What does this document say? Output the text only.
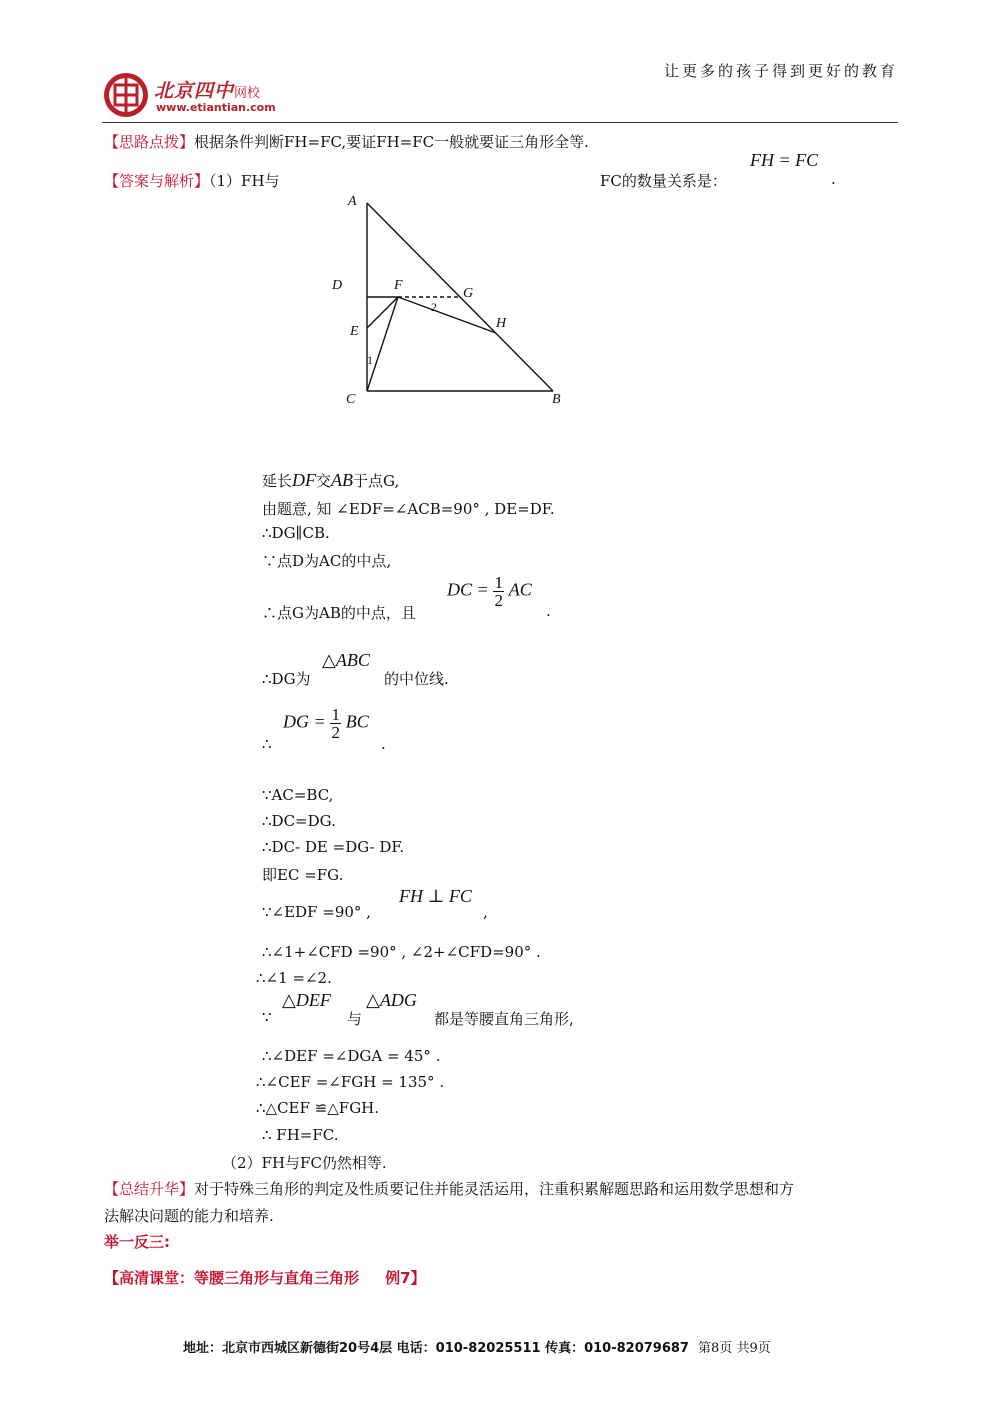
北京四中网校
www.etiantian.com
让更多的孩子得到更好的教育
【思路点拨】根据条件判断FH=FC,要证FH=FC一般就要证三角形全等.
【答案与解析】（1）FH与	FC的数量关系是：
FH = FC
.
A
D	F
G
H
E
C	B
1
2
延长DF交AB于点G,
由题意, 知 ∠EDF=∠ACB=90° , DE=DF.
∴DG∥CB.
∵点D为AC的中点,
∴点G为AB的中点，且
DC = $\frac{1}{2}$ AC
.
∴DG为
△ABC
的中位线.
∴
DG = $\frac{1}{2}$ BC
.
∵AC=BC,
∴DC=DG.
∴DC- DE =DG- DF.
即EC =FG.
∵∠EDF =90° ,
FH ⊥ FC
,
∴∠1+∠CFD =90° , ∠2+∠CFD=90° .
∴∠1 =∠2.
∵
△DEF
与
△ADG
都是等腰直角三角形,
∴∠DEF =∠DGA = 45° .
∴∠CEF =∠FGH = 135° .
∴△CEF ≌△FGH.
∴ FH=FC.
（2）FH与FC仍然相等.
【总结升华】对于特殊三角形的判定及性质要记住并能灵活运用，注重积累解题思路和运用数学思想和方
法解决问题的能力和培养.
举一反三:
【高清课堂：等腰三角形与直角三角形     例7】
地址：北京市西城区新德街20号4层 电话：010-82025511 传真：010-82079687 第8页 共9页
